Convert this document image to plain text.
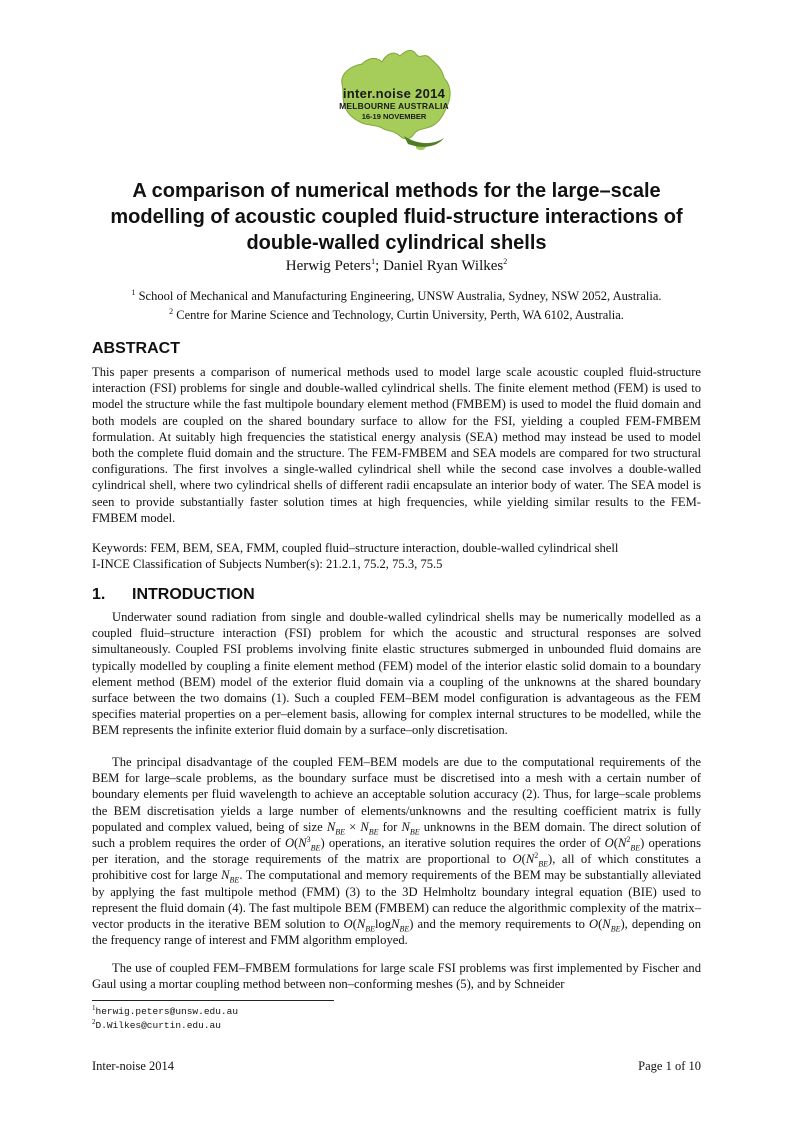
inter.noise 2014
MELBOURNE AUSTRALIA
16-19 NOVEMBER
A comparison of numerical methods for the large–scale modelling of acoustic coupled fluid-structure interactions of double-walled cylindrical shells
Herwig Peters$^1$; Daniel Ryan Wilkes$^2$
$^1$ School of Mechanical and Manufacturing Engineering, UNSW Australia, Sydney, NSW 2052, Australia.
$^2$ Centre for Marine Science and Technology, Curtin University, Perth, WA 6102, Australia.
ABSTRACT

This paper presents a comparison of numerical methods used to model large scale acoustic coupled fluid-structure interaction (FSI) problems for single and double-walled cylindrical shells. The finite element method (FEM) is used to model the structure while the fast multipole boundary element method (FMBEM) is used to model the fluid domain and both models are coupled on the shared boundary surface to allow for the FSI, yielding a coupled FEM-FMBEM formulation. At suitably high frequencies the statistical energy analysis (SEA) method may instead be used to model both the complete fluid domain and the structure. The FEM-FMBEM and SEA models are compared for two structural configurations. The first involves a single-walled cylindrical shell while the second case involves a double-walled cylindrical shell, where two cylindrical shells of different radii encapsulate an interior body of water. The SEA model is seen to provide substantially faster solution times at high frequencies, while yielding similar results to the FEM-FMBEM model.

Keywords: FEM, BEM, SEA, FMM, coupled fluid–structure interaction, double-walled cylindrical shell
I-INCE Classification of Subjects Number(s): 21.2.1, 75.2, 75.3, 75.5
1. INTRODUCTION

Underwater sound radiation from single and double-walled cylindrical shells may be numerically modelled as a coupled fluid–structure interaction (FSI) problem for which the acoustic and structural responses are solved simultaneously. Coupled FSI problems involving finite elastic structures submerged in unbounded fluid domains are typically modelled by coupling a finite element method (FEM) model of the interior elastic solid domain to a boundary element method (BEM) model of the exterior fluid domain via a coupling of the unknowns at the shared boundary surface between the two domains (1). Such a coupled FEM–BEM model configuration is advantageous as the FEM specifies material properties on a per–element basis, allowing for complex internal structures to be modelled, while the BEM represents the infinite exterior fluid domain by a surface–only discretisation.

The principal disadvantage of the coupled FEM–BEM models are due to the computational requirements of the BEM for large–scale problems, as the boundary surface must be discretised into a mesh with a certain number of boundary elements per fluid wavelength to achieve an acceptable solution accuracy (2). Thus, for large–scale problems the BEM discretisation yields a large number of elements/unknowns and the resulting coefficient matrix is fully populated and complex valued, being of size $N_{BE} \times N_{BE}$ for $N_{BE}$ unknowns in the BEM domain. The direct solution of such a problem requires the order of $O(N^3_{BE})$ operations, an iterative solution requires the order of $O(N^2_{BE})$ operations per iteration, and the storage requirements of the matrix are proportional to $O(N^2_{BE})$, all of which constitutes a prohibitive cost for large $N_{BE}$. The computational and memory requirements of the BEM may be substantially alleviated by applying the fast multipole method (FMM) (3) to the 3D Helmholtz boundary integral equation (BIE) used to represent the fluid domain (4). The fast multipole BEM (FMBEM) can reduce the algorithmic complexity of the matrix–vector products in the iterative BEM solution to $O(N_{BE}\log N_{BE})$ and the memory requirements to $O(N_{BE})$, depending on the frequency range of interest and FMM algorithm employed.

The use of coupled FEM–FMBEM formulations for large scale FSI problems was first implemented by Fischer and Gaul using a mortar coupling method between non–conforming meshes (5), and by Schneider

$^1$herwig.peters@unsw.edu.au
$^2$D.Wilkes@curtin.edu.au
Inter-noise 2014	Page 1 of 10
